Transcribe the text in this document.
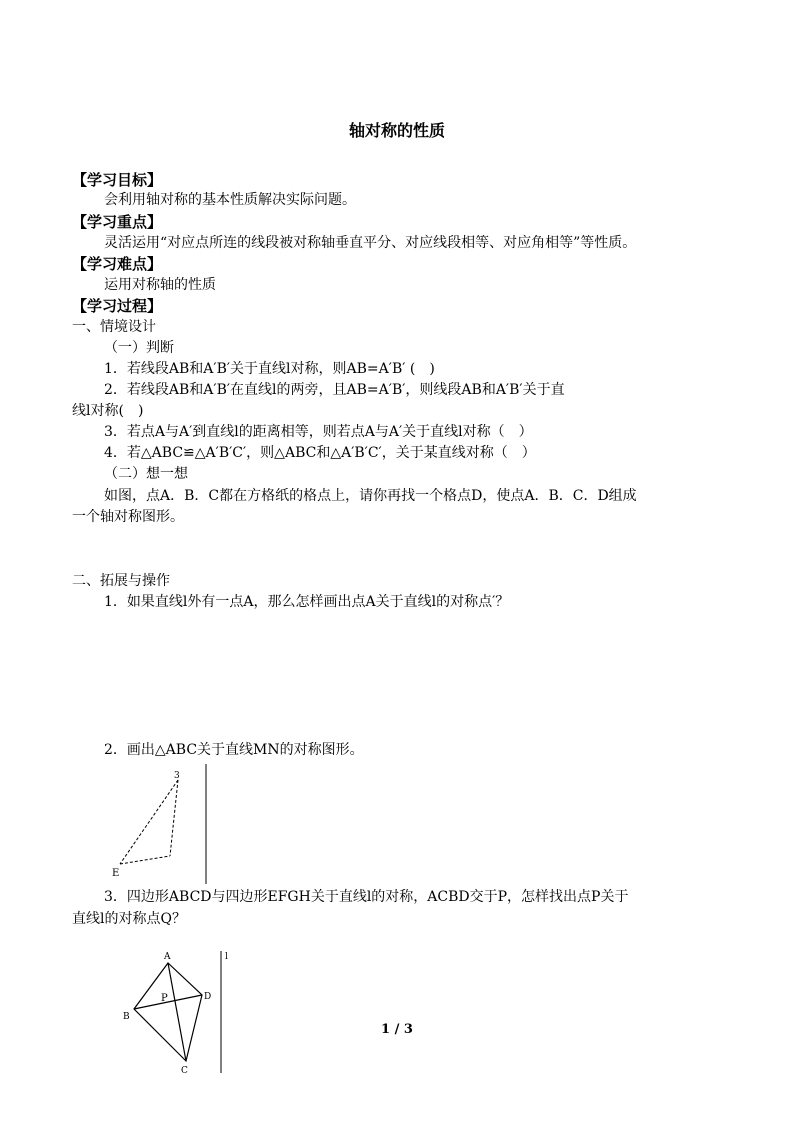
轴对称的性质
【学习目标】
会利用轴对称的基本性质解决实际问题。
【学习重点】
灵活运用“对应点所连的线段被对称轴垂直平分、对应线段相等、对应角相等”等性质。
【学习难点】
运用对称轴的性质
【学习过程】
一、情境设计
（一）判断
1．若线段AB和A′B′关于直线l对称，则AB=A′B′ (　)
2．若线段AB和A′B′在直线l的两旁，且AB=A′B′，则线段AB和A′B′关于直
线l对称(　)
3．若点A与A′到直线l的距离相等，则若点A与A′关于直线l对称（　）
4．若△ABC≌△A′B′C′，则△ABC和△A′B′C′，关于某直线对称（　）
（二）想一想
如图，点A．B．C都在方格纸的格点上，请你再找一个格点D，使点A．B．C．D组成
一个轴对称图形。
二、拓展与操作
1．如果直线l外有一点A，那么怎样画出点A关于直线l的对称点′？
2．画出△ABC关于直线MN的对称图形。
3
E
3．四边形ABCD与四边形EFGH关于直线l的对称，ACBD交于P，怎样找出点P关于
直线l的对称点Q？
A
B
C
D
P
l
1 / 3
